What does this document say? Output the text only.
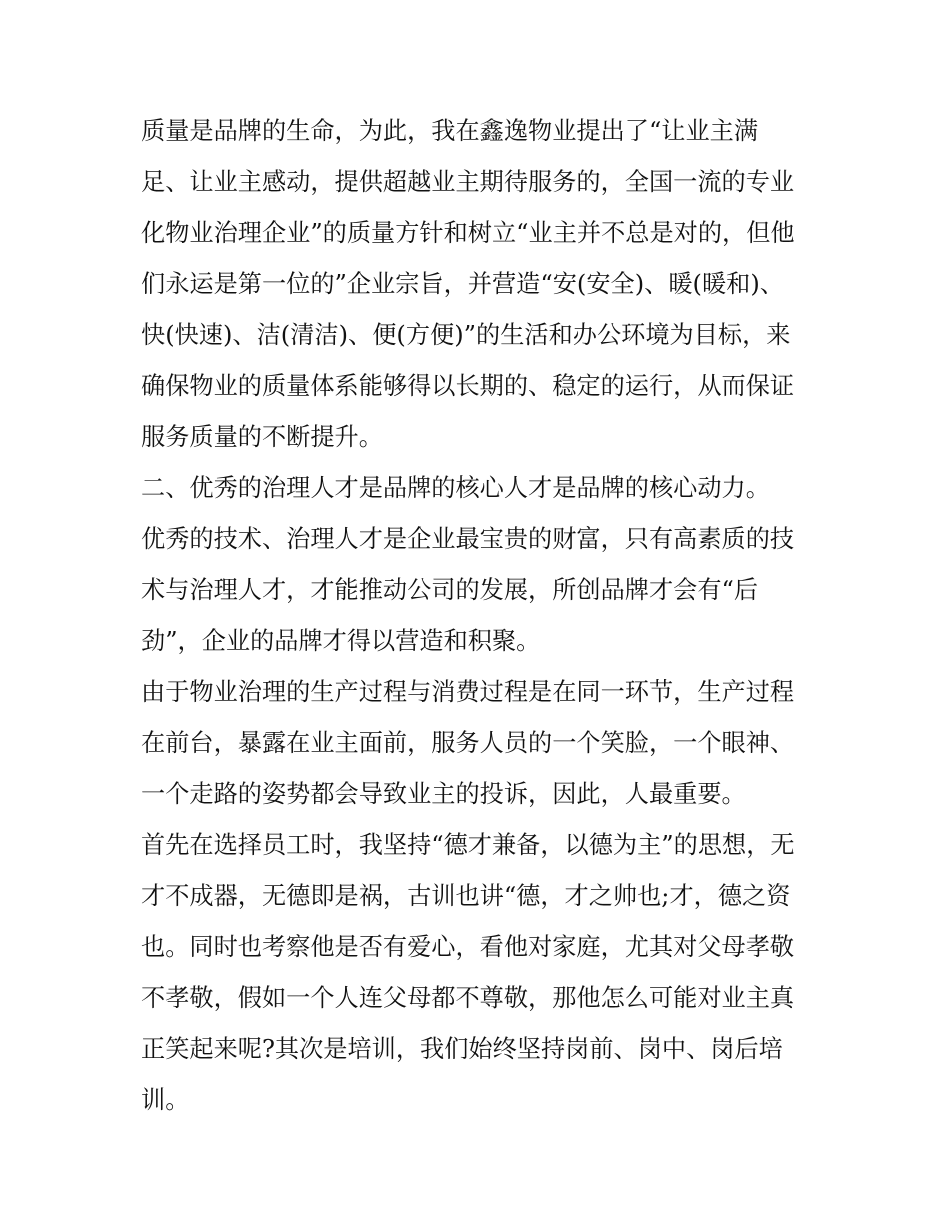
质量是品牌的生命，为此，我在鑫逸物业提出了“让业主满
足、让业主感动，提供超越业主期待服务的，全国一流的专业
化物业治理企业”的质量方针和树立“业主并不总是对的，但他
们永运是第一位的”企业宗旨，并营造“安(安全)、暖(暖和)、
快(快速)、洁(清洁)、便(方便)”的生活和办公环境为目标，来
确保物业的质量体系能够得以长期的、稳定的运行，从而保证
服务质量的不断提升。
二、优秀的治理人才是品牌的核心人才是品牌的核心动力。
优秀的技术、治理人才是企业最宝贵的财富，只有高素质的技
术与治理人才，才能推动公司的发展，所创品牌才会有“后
劲”，企业的品牌才得以营造和积聚。
由于物业治理的生产过程与消费过程是在同一环节，生产过程
在前台，暴露在业主面前，服务人员的一个笑脸，一个眼神、
一个走路的姿势都会导致业主的投诉，因此，人最重要。
首先在选择员工时，我坚持“德才兼备，以德为主”的思想，无
才不成器，无德即是祸，古训也讲“德，才之帅也;才，德之资
也。同时也考察他是否有爱心，看他对家庭，尤其对父母孝敬
不孝敬，假如一个人连父母都不尊敬，那他怎么可能对业主真
正笑起来呢?其次是培训，我们始终坚持岗前、岗中、岗后培
训。
